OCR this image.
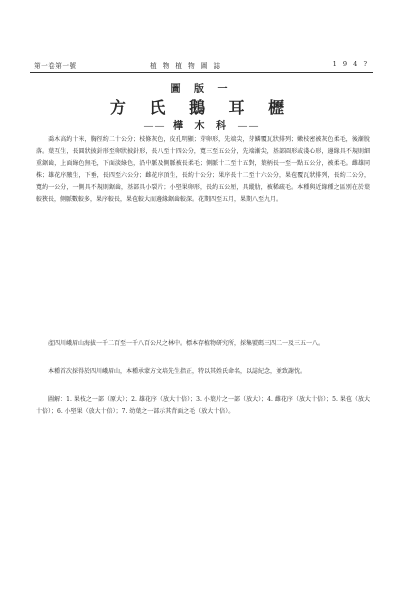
第一卷第一號	植 物 植 物 圖 誌	1 9 4 ?
圖 版 一
方 氏 鵝 耳 櫪
—— 樺 木 科 ——

喬木高約十米，胸徑約二十公分；枝條灰色，皮孔明顯；芽卵形，先端尖，芽鱗覆瓦狀排列；嫩枝密被灰色柔毛，後漸脫落。葉互生，長圓狀披針形至卵狀披針形，長八至十四公分，寬三至五公分，先端漸尖，基部圓形或淺心形，邊緣具不規則細重鋸齒，上面綠色無毛，下面淡綠色，沿中脈及側脈被長柔毛；側脈十二至十五對，葉柄長一至一點五公分，被柔毛。雌雄同株；雄花序腋生，下垂，長四至六公分；雌花序頂生，長約十公分；果序長十二至十六公分，果苞覆瓦狀排列，長約二公分，寬約一公分，一側具不規則鋸齒，基部具小裂片；小堅果卵形，長約五公厘，具縱肋，被稀疏毛。本種與近緣種之區別在於葉較狹長，側脈數較多，果序較長，果苞較大而邊緣鋸齒較深。花期四至五月，果期八至九月。

產四川峨眉山海拔一千二百至一千八百公尺之林中。標本存植物研究所，採集號碼三四二一及三五一八。

本種首次採得於四川峨眉山，本種承蒙方文培先生指正，特以其姓氏命名，以誌紀念，並致謝忱。

圖解：1. 果枝之一部（原大）；2. 雄花序（放大十倍）；3. 小葉片之一部（放大）；4. 雌花序（放大十倍）；5. 果苞（放大十倍）；6. 小堅果（放大十倍）；7. 幼葉之一部示其背面之毛（放大十倍）。
